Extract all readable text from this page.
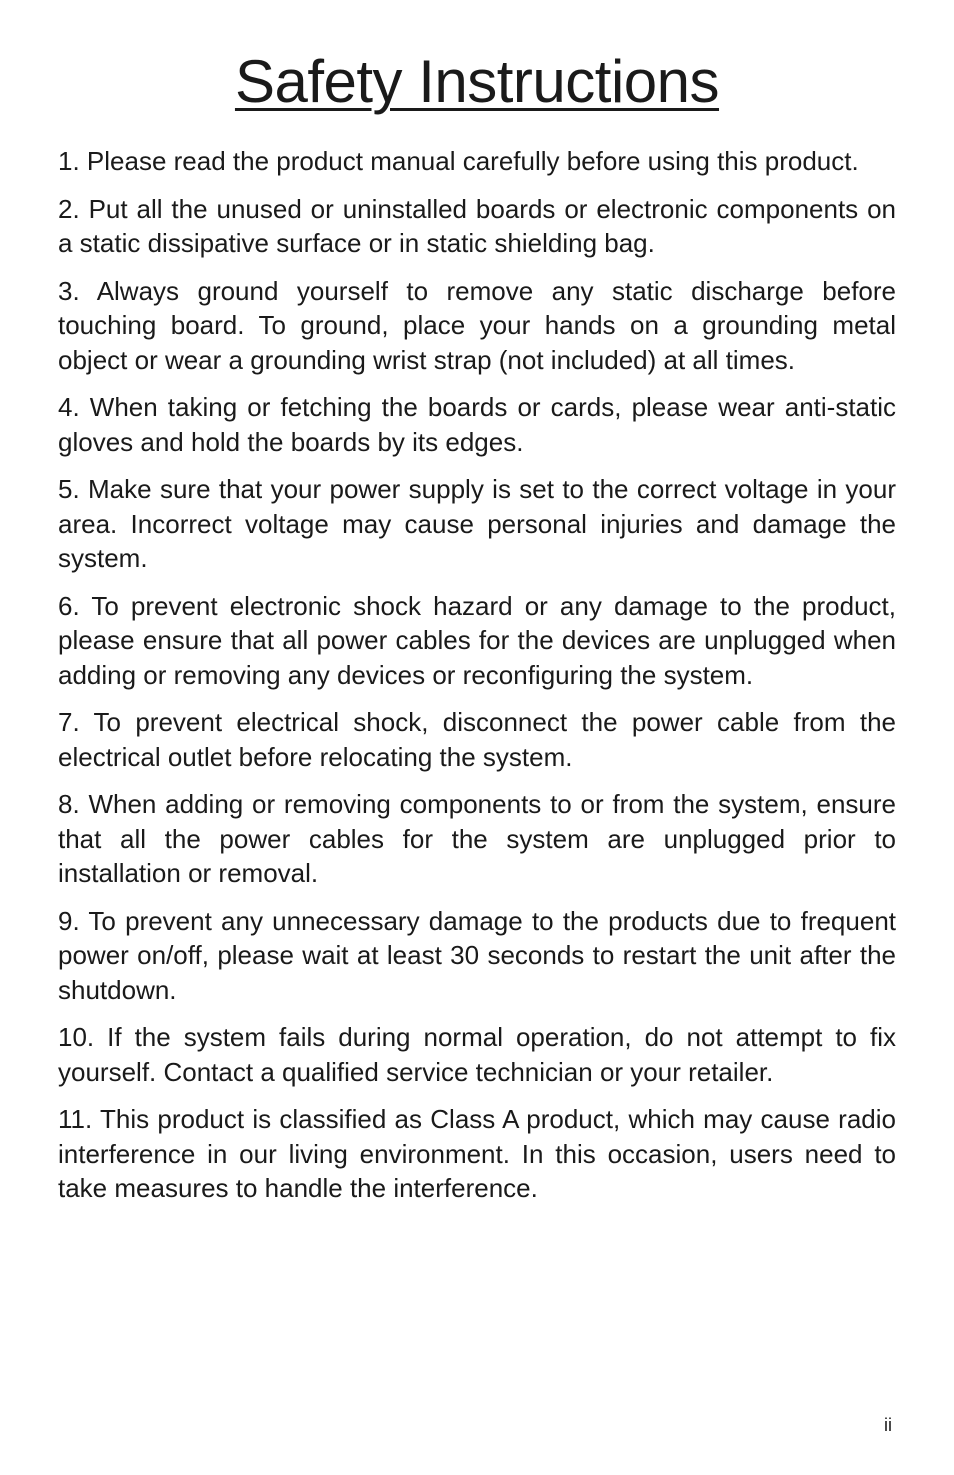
Safety Instructions
1. Please read the product manual carefully before using this product.
2. Put all the unused or uninstalled boards or electronic components on a static dissipative surface or in static shielding bag.
3. Always ground yourself to remove any static discharge before touching board. To ground, place your hands on a grounding metal object or wear a grounding wrist strap (not included) at all times.
4. When taking or fetching the boards or cards, please wear anti-static gloves and hold the boards by its edges.
5. Make sure that your power supply is set to the correct voltage in your area. Incorrect voltage may cause personal injuries and damage the system.
6. To prevent electronic shock hazard or any damage to the product, please ensure that all power cables for the devices are unplugged when adding or removing any devices or reconfiguring the system.
7. To prevent electrical shock, disconnect the power cable from the electrical outlet before relocating the system.
8. When adding or removing components to or from the system, ensure that all the power cables for the system are unplugged prior to installation or removal.
9. To prevent any unnecessary damage to the products due to frequent power on/off, please wait at least 30 seconds to restart the unit after the shutdown.
10. If the system fails during normal operation, do not attempt to fix yourself. Contact a qualified service technician or your retailer.
11. This product is classified as Class A product, which may cause radio interference in our living environment. In this occasion, users need to take measures to handle the interference.
ii
